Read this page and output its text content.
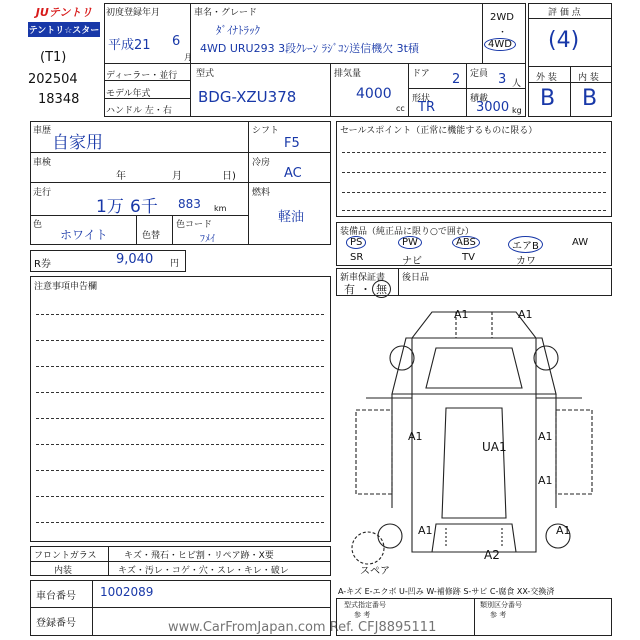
JUテントリ
テントリ☆スター
(T1)
202504
18348
初度登録年月
平成21 6
月
ディーラー・並行
モデル年式
ハンドル 左・右
車名・グレード
ﾀﾞｲﾅﾄﾗｯｸ
4WD URU293 3段ｸﾚｰﾝ ﾗｼﾞｺﾝ送信機欠 3t積
2WD
・
4WD
型式
BDG-XZU378
排気量
4000
cc
ドア 2 定員 3 人
形状
TR
積載
3000 kg
評 価 点
(4)
外 装 内 装
B B
車歴
自家用
車検
年	月	日)
走行
1万 6千 883 km
色
ホワイト	色替
色コード
ﾌﾒｲ
シフト
F5
冷房
AC
燃料
軽油
R券	9,040 円
注意事項申告欄
セールスポイント（正常に機能するものに限る）
装備品（純正品に限り○で囲む）
PS	PW	ABS	エアB	AW
SR	ナビ	TV	カワ
新車保証書
有 ・ 無
後日品
A1	A1
A1
UA1
A1
A1
A1	A1
A2
スペア
フロントガラス	キズ・飛石・ヒビ割・リペア跡・X要
内装	キズ・汚レ・コゲ・穴・スレ・キレ・破レ
車台番号 1002089
登録番号
A-キズ E-エクボ U-凹み W-補修跡 S-サビ C-腐食 XX-交換済
型式指定番号
参 考
類別区分番号
参 考
www.CarFromJapan.com Ref. CFJ8895111
